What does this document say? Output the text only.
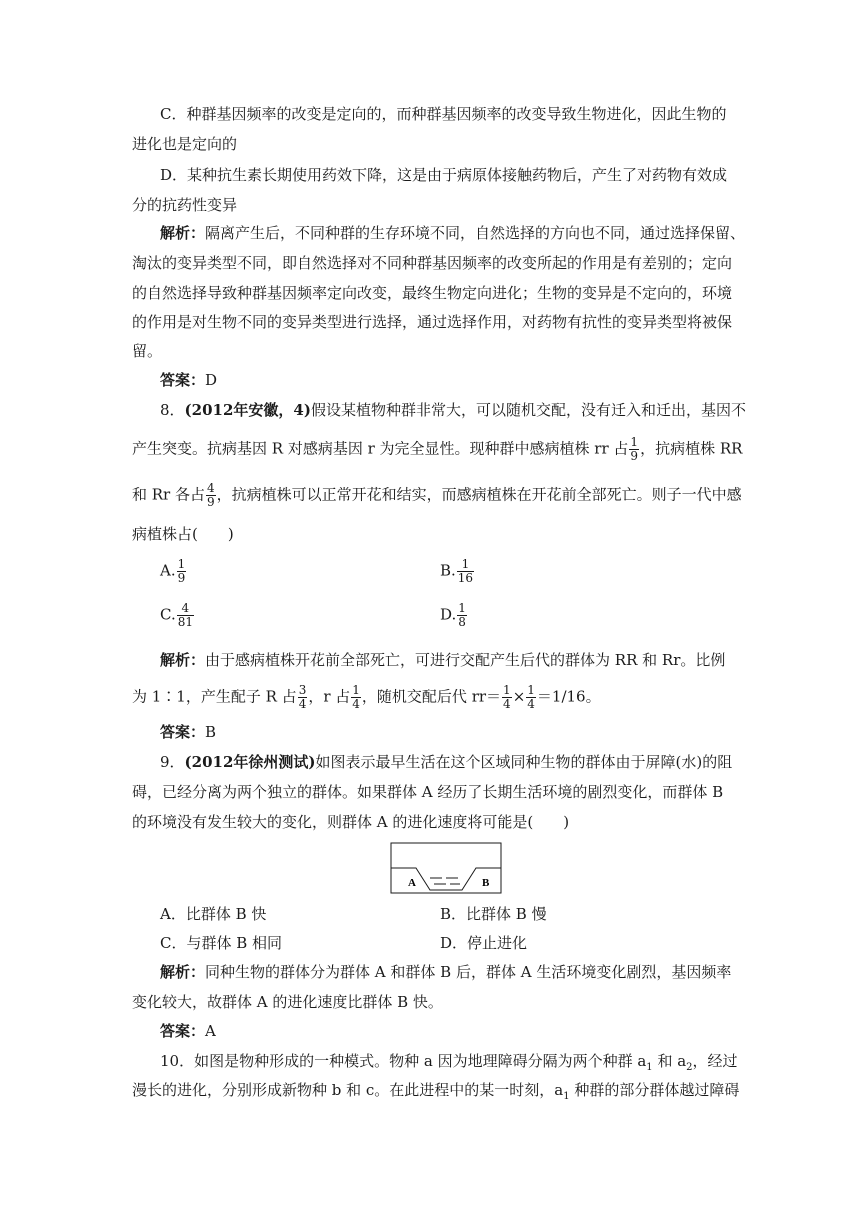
C．种群基因频率的改变是定向的，而种群基因频率的改变导致生物进化，因此生物的
进化也是定向的
D．某种抗生素长期使用药效下降，这是由于病原体接触药物后，产生了对药物有效成
分的抗药性变异
解析：隔离产生后，不同种群的生存环境不同，自然选择的方向也不同，通过选择保留、
淘汰的变异类型不同，即自然选择对不同种群基因频率的改变所起的作用是有差别的；定向
的自然选择导致种群基因频率定向改变，最终生物定向进化；生物的变异是不定向的，环境
的作用是对生物不同的变异类型进行选择，通过选择作用，对药物有抗性的变异类型将被保
留。
答案：D
8．(2012年安徽，4)假设某植物种群非常大，可以随机交配，没有迁入和迁出，基因不
产生突变。抗病基因 R 对感病基因 r 为完全显性。现种群中感病植株 rr 占 $\frac{1}{9}$ ，抗病植株 RR
和 Rr 各占 $\frac{4}{9}$ ，抗病植株可以正常开花和结实，而感病植株在开花前全部死亡。则子一代中感
病植株占(　　)
A. $\frac{1}{9}$	B. $\frac{1}{16}$
C. $\frac{4}{81}$	D. $\frac{1}{8}$
解析：由于感病植株开花前全部死亡，可进行交配产生后代的群体为 RR 和 Rr。比例
为 1∶1，产生配子 R 占 $\frac{3}{4}$ ，r 占 $\frac{1}{4}$ ，随机交配后代 $rr= \frac{1}{4} \times \frac{1}{4} =1/16$。
答案：B
9．(2012年徐州测试)如图表示最早生活在这个区域同种生物的群体由于屏障(水)的阻
碍，已经分离为两个独立的群体。如果群体 A 经历了长期生活环境的剧烈变化，而群体 B
的环境没有发生较大的变化，则群体 A 的进化速度将可能是(　　)
A	B
A．比群体 B 快	B．比群体 B 慢
C．与群体 B 相同	D．停止进化
解析：同种生物的群体分为群体 A 和群体 B 后，群体 A 生活环境变化剧烈，基因频率
变化较大，故群体 A 的进化速度比群体 B 快。
答案：A
10．如图是物种形成的一种模式。物种 a 因为地理障碍分隔为两个种群 $a_1$ 和 $a_2$，经过
漫长的进化，分别形成新物种 b 和 c。在此进程中的某一时刻，$a_1$ 种群的部分群体越过障碍
